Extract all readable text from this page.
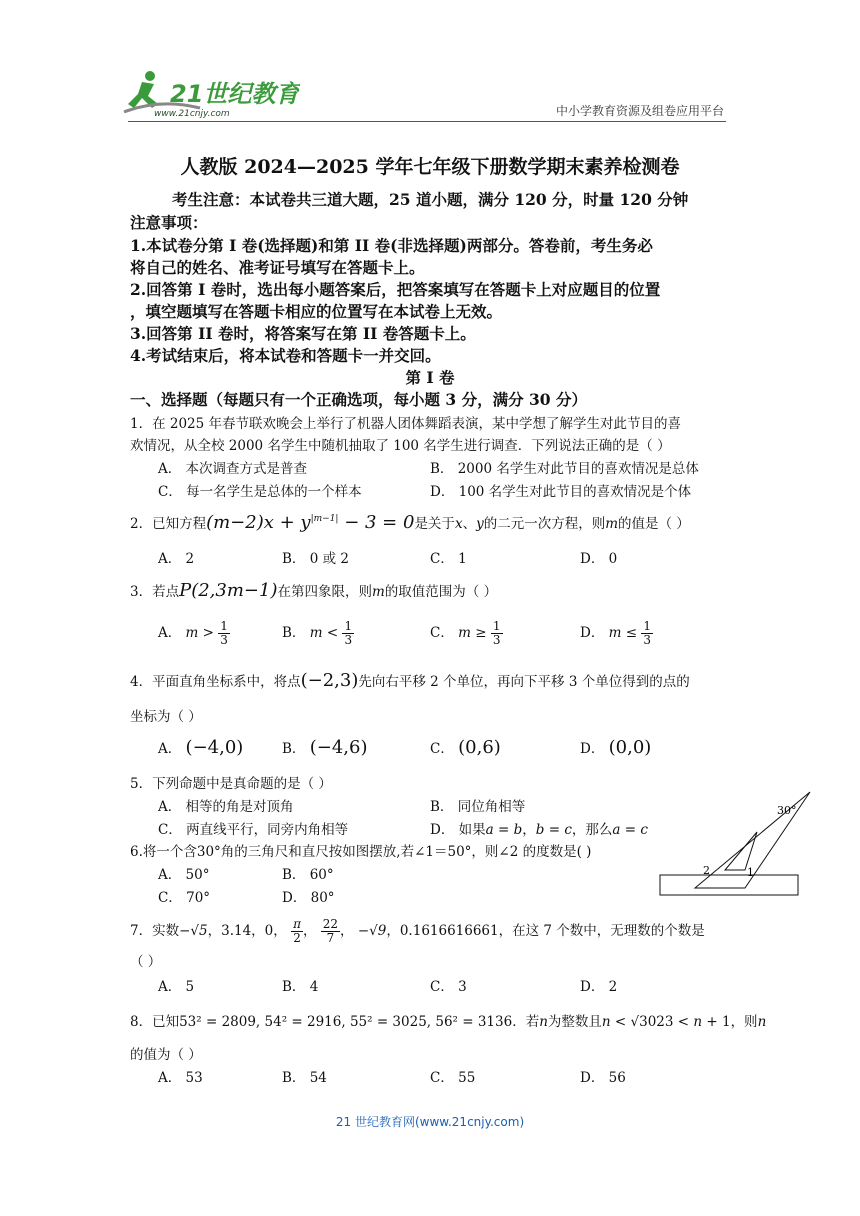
21世纪教育
www.21cnjy.com	中小学教育资源及组卷应用平台
人教版 2024—2025 学年七年级下册数学期末素养检测卷
考生注意：本试卷共三道大题，25 道小题，满分 120 分，时量 120 分钟
注意事项：
1.本试卷分第 I 卷(选择题)和第 II 卷(非选择题)两部分。答卷前，考生务必
将自己的姓名、准考证号填写在答题卡上。
2.回答第 I 卷时，选出每小题答案后，把答案填写在答题卡上对应题目的位置
，填空题填写在答题卡相应的位置写在本试卷上无效。
3.回答第 II 卷时，将答案写在第 II 卷答题卡上。
4.考试结束后，将本试卷和答题卡一并交回。
第 I 卷
一、选择题（每题只有一个正确选项，每小题 3 分，满分 30 分）
1．在 2025 年春节联欢晚会上举行了机器人团体舞蹈表演，某中学想了解学生对此节目的喜
欢情况，从全校 2000 名学生中随机抽取了 100 名学生进行调查．下列说法正确的是（ ）
A． 本次调查方式是普查	B． 2000 名学生对此节目的喜欢情况是总体
C． 每一名学生是总体的一个样本	D． 100 名学生对此节目的喜欢情况是个体
2．已知方程$(m-2)x + y^{|m-1|} - 3 = 0$是关于x、y的二元一次方程，则m的值是（ ）
A． 2	B． 0 或 2	C． 1	D． 0
3．若点P(2,3m−1)在第四象限，则m的取值范围为（ ）
A． $m > \frac{1}{3}$	B． $m < \frac{1}{3}$	C． $m \ge \frac{1}{3}$	D． $m \le \frac{1}{3}$
4．平面直角坐标系中，将点(−2,3)先向右平移 2 个单位，再向下平移 3 个单位得到的点的
坐标为（ ）
A． (−4,0)	B． (−4,6)	C． (0,6)	D． (0,0)
5．下列命题中是真命题的是（ ）
A． 相等的角是对顶角	B． 同位角相等
C． 两直线平行，同旁内角相等	D． 如果a = b，b = c，那么a = c
6.将一个含30°角的三角尺和直尺按如图摆放,若∠1＝50°，则∠2 的度数是( )
A． 50°	B． 60°
C． 70°	D． 80°
30°
2	1
7．实数−√5，3.14，0， $\frac{\pi}{2}$ ， $\frac{22}{7}$ ， −√9，0.1616616661，在这 7 个数中，无理数的个数是
（ ）
A． 5	B． 4	C． 3	D． 2
8．已知53² = 2809, 54² = 2916, 55² = 3025, 56² = 3136．若n为整数且n < √3023 < n + 1，则n
的值为（ ）
A． 53	B． 54	C． 55	D． 56
21 世纪教育网(www.21cnjy.com)
